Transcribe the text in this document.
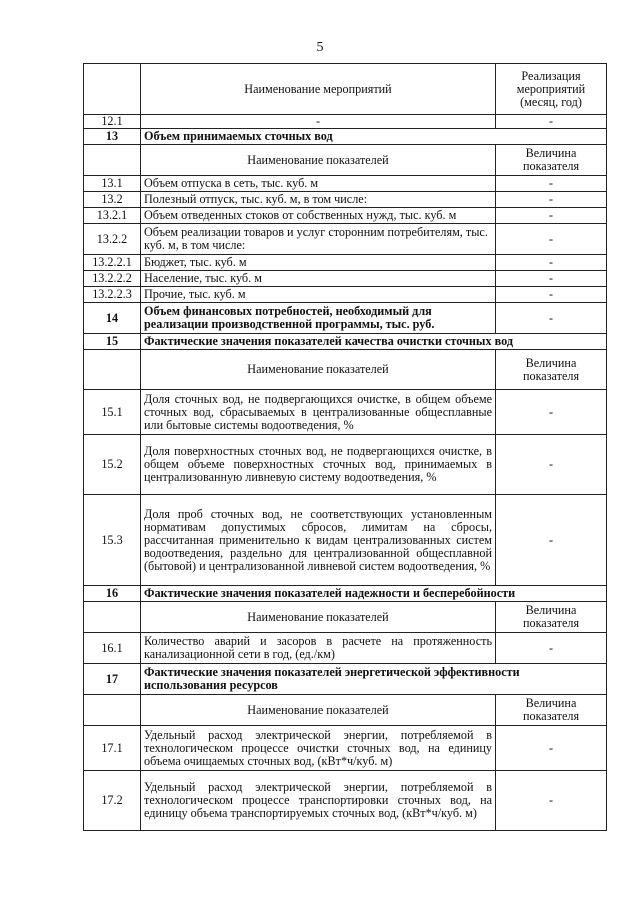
5
	Наименование мероприятий	Реализация мероприятий (месяц, год)
12.1	-	-
13	Объем принимаемых сточных вод	
	Наименование показателей	Величина показателя
13.1	Объем отпуска в сеть, тыс. куб. м	-
13.2	Полезный отпуск, тыс. куб. м, в том числе:	-
13.2.1	Объем отведенных стоков от собственных нужд, тыс. куб. м	-
13.2.2	Объем реализации товаров и услуг сторонним потребителям, тыс. куб. м, в том числе:	-
13.2.2.1	Бюджет, тыс. куб. м	-
13.2.2.2	Население, тыс. куб. м	-
13.2.2.3	Прочие, тыс. куб. м	-
14	Объем финансовых потребностей, необходимый для реализации производственной программы, тыс. руб.	-
15	Фактические значения показателей качества очистки сточных вод	
	Наименование показателей	Величина показателя
15.1	Доля сточных вод, не подвергающихся очистке, в общем объеме сточных вод, сбрасываемых в централизованные общесплавные или бытовые системы водоотведения, %	-
15.2	Доля поверхностных сточных вод, не подвергающихся очистке, в общем объеме поверхностных сточных вод, принимаемых в централизованную ливневую систему водоотведения, %	-
15.3	Доля проб сточных вод, не соответствующих установленным нормативам допустимых сбросов, лимитам на сбросы, рассчитанная применительно к видам централизованных систем водоотведения, раздельно для централизованной общесплавной (бытовой) и централизованной ливневой систем водоотведения, %	-
16	Фактические значения показателей надежности и бесперебойности	
	Наименование показателей	Величина показателя
16.1	Количество аварий и засоров в расчете на протяженность канализационной сети в год, (ед./км)	-
17	Фактические значения показателей энергетической эффективности использования ресурсов	
	Наименование показателей	Величина показателя
17.1	Удельный расход электрической энергии, потребляемой в технологическом процессе очистки сточных вод, на единицу объема очищаемых сточных вод, (кВт*ч/куб. м)	-
17.2	Удельный расход электрической энергии, потребляемой в технологическом процессе транспортировки сточных вод, на единицу объема транспортируемых сточных вод, (кВт*ч/куб. м)	-
